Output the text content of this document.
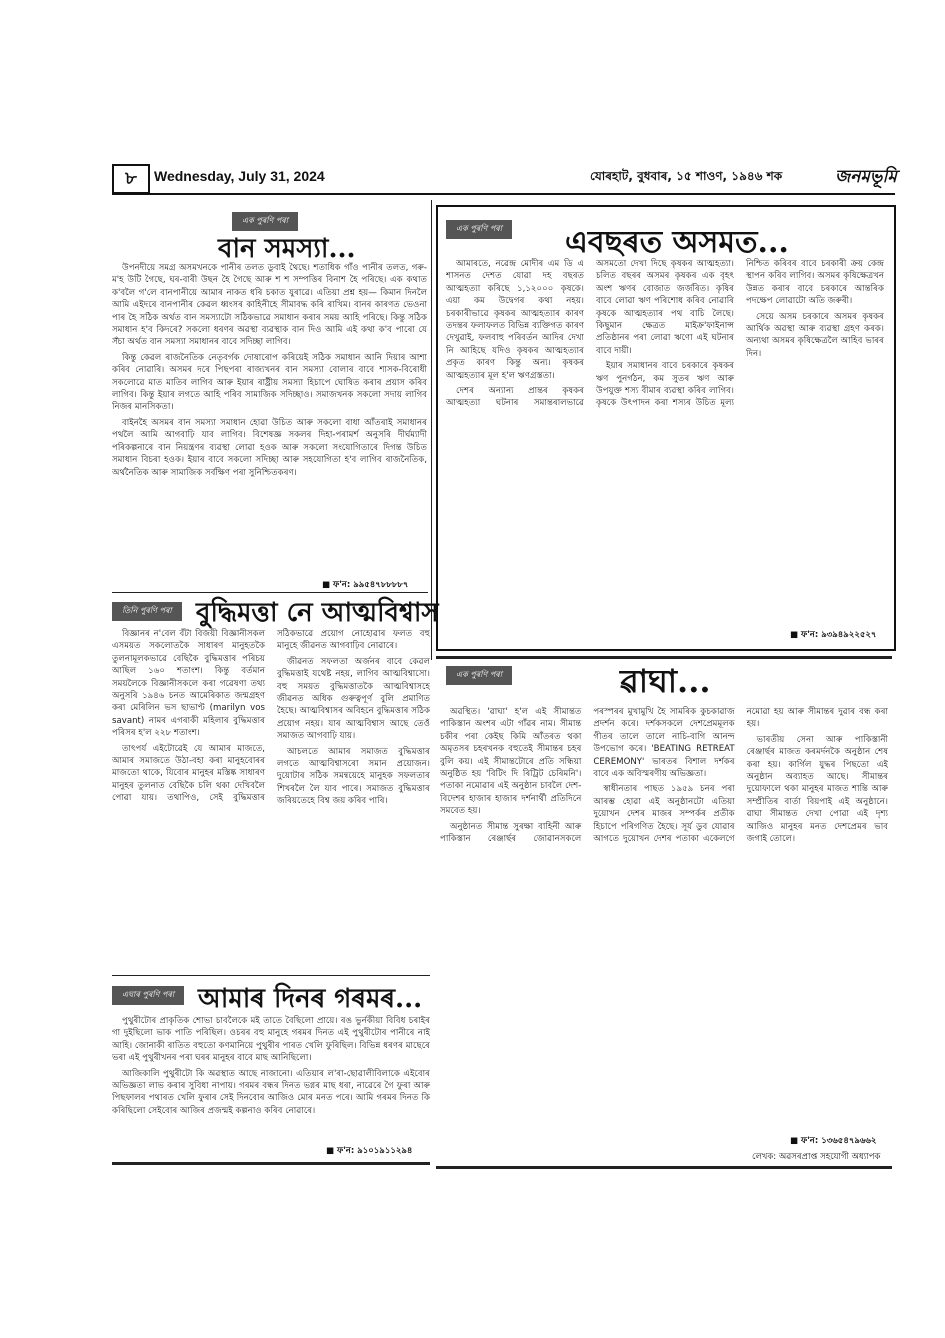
৮	Wednesday, July 31, 2024	যোৰহাট, বুধবাৰ, ১৫ শাওণ, ১৯৪৬ শক	জনমভূমি
এক পুৰণি পৰা
বান সমস্যা...

উপনদীয়ে সমগ্ৰ অসমখনকে পানীৰ তলত ডুবাই থৈছে। শতাধিক গাঁও পানীৰ তলত, গৰু-ম'হ উটি গৈছে, ঘৰ-বাৰী উছন হৈ গৈছে আৰু শ শ সম্পত্তিৰ বিনাশ হৈ পৰিছে। এক কথাত ক'বলৈ গ'লে বানপানীয়ে আমাৰ নাকত ধৰি চকাত যুৰাৱে। এতিয়া প্ৰশ্ন হয়— কিমান দিনলৈ আমি এইদৰে বানপানীৰ কেৱল ধ্বংসৰ কাহিনীহে সীমাবদ্ধ কৰি ৰাখিম। বানৰ কাৰণত ভেওনা পাৰ হৈ সঠিক অৰ্থত বান সমস্যাটো সঠিকভাৱে সমাধান কৰাৰ সময় আহি পৰিছে। কিন্তু সঠিক সমাধান হ'ব কিদৰে? সকলো ধৰণৰ অৱস্থা ব্যৱস্থাক বান দিও আমি এই কথা ক'ব পাৰো যে সঁচা অৰ্থত বান সমস্যা সমাধানৰ বাবে সদিচ্ছা লাগিব।

কিন্তু কেৱল ৰাজনৈতিক নেতৃবৰ্গক দোষাৰোপ কৰিয়েই সঠিক সমাধান আনি দিয়াৰ আশা কৰিব নোৱাৰি। অসমৰ দৰে পিছপৰা ৰাজ্যখনৰ বান সমস্যা বোলাৰ বাবে শাসক-বিৰোধী সকলোৱে মাত মাতিব লাগিব আৰু ইয়াৰ ৰাষ্ট্ৰীয় সমস্যা হিচাপে ঘোষিত কৰাৰ প্ৰয়াস কৰিব লাগিব। কিন্তু ইয়াৰ লগতে আহি পৰিব সামাজিক সদিচ্ছাও। সমাজখনক সকলো সদায় লাগিব নিজৰ মানসিকতা।

বাইনহৈ অসমৰ বান সমস্যা সমাধান হোৱা উচিত আৰু সকলো বাধা আঁতৰাই সমাধানৰ পথলৈ আমি আগবাঢ়ি যাব লাগিব। বিশেষজ্ঞ সকলৰ দিহা-পৰামৰ্শ অনুসৰি দীৰ্ঘম্যাদী পৰিকল্পনাৰে বান নিয়ন্ত্ৰণৰ ব্যৱস্থা লোৱা হওক আৰু সকলো সংযোগিতাৰে দিগন্ত উচিত সমাধান বিচৰা হওক। ইয়াৰ বাবে সকলো সদিচ্ছা আৰু সহযোগিতা হ'ব লাগিব ৰাজনৈতিক, অৰ্থনৈতিক আৰু সামাজিক সৰ্বক্ষিণ পৰা সুনিশ্চিতকৰণ।

■ ফ'ন: ৯৯৫৪৭৮৮৮৮৭
এক পুৰণি পৰা	এবছৰত অসমত...

আমাৰতে, নৱেন্দ্ৰ মোদীৰ এম ডি এ শাসনত দেশত যোৱা দহ বছৰত আত্মহত্যা কৰিছে ১,১২০০০ কৃষকে। এয়া কম উদ্বেগৰ কথা নহয়। চৰকাৰীভাৱে কৃষকৰ আত্মহত্যাৰ কাৰণ তদন্তৰ ফলাফলত বিভিন্ন ব্যক্তিগত কাৰণ দেখুৱাই, ফলবাহু পৰিবৰ্তন আদিৰ দেখা নি আহিছে যদিও কৃষকৰ আত্মহত্যাৰ প্ৰকৃত কাৰণ কিন্তু অন্য। কৃষকৰ আত্মহত্যাৰ মূল হ'ল ঋণগ্ৰস্ততা।

দেশৰ অন্যান্য প্ৰান্তৰ কৃষকৰ আত্মহত্যা ঘটনাৰ সমান্তৰালভাৱে অসমতো দেখা দিছে কৃষকৰ আত্মহত্যা। চলিত বছৰৰ অসমৰ কৃষকৰ এক বৃহৎ অংশ ঋণৰ বোজাত জৰ্জৰিত। কৃষিৰ বাবে লোৱা ঋণ পৰিশোধ কৰিব নোৱাৰি কৃষকে আত্মহত্যাৰ পথ বাচি লৈছে। কিছুমান ক্ষেত্ৰত মাইক্ৰ'ফাইনান্স প্ৰতিষ্ঠানৰ পৰা লোৱা ঋণো এই ঘটনাৰ বাবে দায়ী।

ইয়াৰ সমাধানৰ বাবে চৰকাৰে কৃষকৰ ঋণ পুনৰ্গঠন, কম সুতৰ ঋণ আৰু উপযুক্ত শস্য বীমাৰ ব্যৱস্থা কৰিব লাগিব। কৃষকে উৎপাদন কৰা শস্যৰ উচিত মূল্য নিশ্চিত কৰিবৰ বাবে চৰকাৰী ক্ৰয় কেন্দ্ৰ স্থাপন কৰিব লাগিব। অসমৰ কৃষিক্ষেত্ৰখন উন্নত কৰাৰ বাবে চৰকাৰে আন্তৰিক পদক্ষেপ লোৱাটো অতি জৰুৰী।

সেয়ে অসম চৰকাৰে অসমৰ কৃষকৰ আৰ্থিক অৱস্থা আৰু ব্যৱস্থা গ্ৰহণ কৰক। অন্যথা অসমৰ কৃষিক্ষেত্ৰলৈ আহিব ভাৰৰ দিন।

■ ফ'ন: ৯৩৯৪৯২২৫২৭
তিনি পুৰণি পৰা বুদ্ধিমত্তা নে আত্মবিশ্বাস

বিজ্ঞানৰ ন'বেল বঁটা বিজয়ী বিজ্ঞানীসকল এসময়ত সকলোতকৈ সাধাৰণ মানুহতকৈ তুলনামূলকভাৱে বেছিকৈ বুদ্ধিমত্তাৰ পৰিচয় আছিল ১৬০ শতাংশ। কিন্তু বৰ্তমান সময়লৈকে বিজ্ঞানীসকলে কৰা গৱেষণা তথ্য অনুসৰি ১৯৪৬ চনত আমেৰিকাত জন্মগ্ৰহণ কৰা মেৰিলিন ভস ছাভাণ্ট (marilyn vos savant) নামৰ এগৰাকী মহিলাৰ বুদ্ধিমত্তাৰ পৰিসৰ হ'ল ২২৮ শতাংশ।

তাৎপৰ্য এইটোৱেই যে আমাৰ মাজতে, আমাৰ সমাজতে উঠা-বহা কৰা মানুহবোৰৰ মাজতো থাকে, যিবোৰ মানুহৰ মস্তিষ্ক সাধাৰণ মানুহৰ তুলনাত বেছিকৈ চলি থকা দেখিবলৈ পোৱা যায়। তথাপিও, সেই বুদ্ধিমত্তাৰ সঠিকভাৱে প্ৰয়োগ নোহোৱাৰ ফলত বহু মানুহে জীৱনত আগবাঢ়িব নোৱাৰে।

জীৱনত সফলতা অৰ্জনৰ বাবে কেৱল বুদ্ধিমত্তাই যথেষ্ট নহয়, লাগিব আত্মবিশ্বাসো। বহু সময়ত বুদ্ধিমত্তাতকৈ আত্মবিশ্বাসহে জীৱনত অধিক গুৰুত্বপূৰ্ণ বুলি প্ৰমাণিত হৈছে। আত্মবিশ্বাসৰ অবিহনে বুদ্ধিমত্তাৰ সঠিক প্ৰয়োগ নহয়। যাৰ আত্মবিশ্বাস আছে তেওঁ সমাজত আগবাঢ়ি যায়।

আচলতে আমাৰ সমাজত বুদ্ধিমত্তাৰ লগতে আত্মবিশ্বাসৰো সমান প্ৰয়োজন। দুয়োটাৰ সঠিক সমন্বয়েহে মানুহক সফলতাৰ শিখৰলৈ লৈ যাব পাৰে। সমাজত বুদ্ধিমত্তাৰ জৰিয়তেহে বিশ্ব জয় কৰিব পাৰি।

এঘাৰ পুৰণি পৰা আমাৰ দিনৰ গৰমৰ...

পুথুৰীটোৰ প্ৰাকৃতিক শোভা চাবলৈকে মই তাতে বৈছিলো প্ৰায়ে। ৰঙ ভুৰ্নকীয়া বিবিধ চৰাইৰ গা দুইছিলো ভাক পাতি পৰিছিল। ওচৰৰ বহু মানুহে গৰমৰ দিনত এই পুথুৰীটোৰ পানীৰে নাই আহি। জোনাকী ৰাতিত বহুতো কণমানিয়ে পুথুৰীৰ পাৰত খেলি ফুৰিছিল। বিভিন্ন ধৰণৰ মাছেৰে ভৰা এই পুথুৰীখনৰ পৰা ঘৰৰ মানুহৰ বাবে মাছ আনিছিলো।

আজিকালি পুথুৰীটো কি অৱস্থাত আছে নাজানো। এতিয়াৰ ল'ৰা-ছোৱালীবিলাকে এইবোৰ অভিজ্ঞতা লাভ কৰাৰ সুবিধা নাপায়। গৰমৰ বন্ধৰ দিনত ভগ্নৰ মাছ ধৰা, নাৱেৰে গৈ ফুৰা আৰু পিছফালৰ পথাৰত খেলি ফুৰাৰ সেই দিনবোৰ আজিও মোৰ মনত পৰে। আমি গৰমৰ দিনত কি কৰিছিলো সেইবোৰ আজিৰ প্ৰজন্মই কল্পনাও কৰিব নোৱাৰে।

■ ফ'ন: ৯১০১৯১১২৯৪
এক পুৰণি পৰা	ৱাঘা...

অৱস্থিত। 'ৱাঘা' হ'ল এই সীমান্তত পাকিস্তান অংশৰ এটা গাঁৱৰ নাম। সীমান্ত চকীৰ পৰা কেইছ কিমি আঁতৰত থকা অমৃতসৰ চহৰখনক বহুতেই সীমান্তৰ চহৰ বুলি কয়। এই সীমান্তটোৰে প্ৰতি সন্ধিয়া অনুষ্ঠিত হয় 'বিটিং দি ৰিট্ৰিট চেৰিমনি'। পতাকা নমোৱাৰ এই অনুষ্ঠান চাবলৈ দেশ-বিদেশৰ হাজাৰ হাজাৰ দৰ্শনাৰ্থী প্ৰতিদিনে সমবেত হয়।

অনুষ্ঠানত সীমান্ত সুৰক্ষা বাহিনী আৰু পাকিস্তান ৰেঞ্জাৰ্ছৰ জোৱানসকলে পৰস্পৰৰ মুখামুখি হৈ সামৰিক কুচকাৱাজ প্ৰদৰ্শন কৰে। দৰ্শকসকলে দেশপ্ৰেমমূলক গীতৰ তালে তালে নাচি-বাগি আনন্দ উপভোগ কৰে। 'BEATING RETREAT CEREMONY' ভাৰতৰ বিশাল দৰ্শকৰ বাবে এক অবিস্মৰণীয় অভিজ্ঞতা।

স্বাধীনতাৰ পাছত ১৯৫৯ চনৰ পৰা আৰম্ভ হোৱা এই অনুষ্ঠানটো এতিয়া দুয়োখন দেশৰ মাজৰ সম্পৰ্কৰ প্ৰতীক হিচাপে পৰিগণিত হৈছে। সূৰ্য ডুব যোৱাৰ আগতে দুয়োখন দেশৰ পতাকা একেলগে নমোৱা হয় আৰু সীমান্তৰ দুৱাৰ বন্ধ কৰা হয়।

ভাৰতীয় সেনা আৰু পাকিস্তানী ৰেঞ্জাৰ্ছৰ মাজত কৰমৰ্দনকৈ অনুষ্ঠান শেষ কৰা হয়। কাৰ্গিল যুদ্ধৰ পিছতো এই অনুষ্ঠান অব্যাহত আছে। সীমান্তৰ দুয়োফালে থকা মানুহৰ মাজত শান্তি আৰু সম্প্ৰীতিৰ বাৰ্তা বিয়পাই এই অনুষ্ঠানে। ৱাঘা সীমান্তত দেখা পোৱা এই দৃশ্য আজিও মানুহৰ মনত দেশপ্ৰেমৰ ভাব জগাই তোলে।

■ ফ'ন: ১৩৬৫৪৭৯৬৬২
লেখক: অৱসৰপ্ৰাপ্ত সহযোগী অধ্যাপক
